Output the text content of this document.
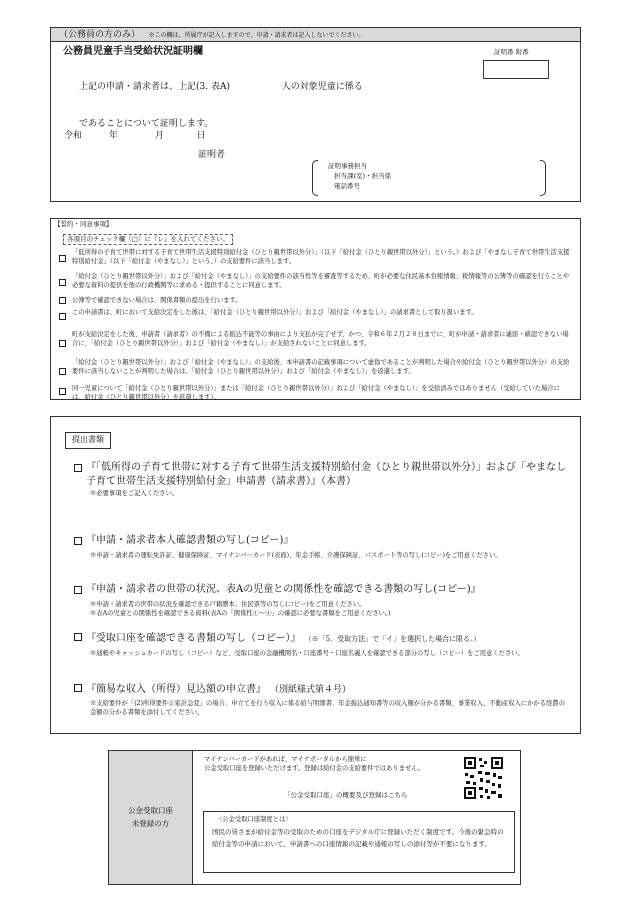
（公務員の方のみ） ※この欄は、所属庁が記入しますので、申請・請求者は記入しないでください。
公務員児童手当受給状況証明欄	証明番 附番
上記の申請・請求者は、上記(3. 表A)	人の対象児童に係る
であることについて証明します。
令和	年	月	日
証明者
証明事務担当
担当課(室)・担当係
電話番号
【誓約・同意事項】
各項目のチェック欄（□）に『レ』を入れてください。
「低所得の子育て世帯に対する子育て世帯生活支援特別給付金（ひとり親世帯以外分）」（以下「給付金（ひとり親世帯以外分）」という。）および「やまなし子育て世帯生活支援特別給付金」（以下「給付金（やまなし）」という。）の支給要件に該当します。
「給付金（ひとり親世帯以外分）」および「給付金（やまなし）」の支給要件の該当性等を審査等するため、町が必要な住民基本台帳情報、税情報等の公簿等の確認を行うことや必要な資料の提供を他の行政機関等に求める・提供することに同意します。
公簿等で確認できない場合は、関係書類の提出を行います。
この申請書は、町において支給決定をした後は、「給付金（ひとり親世帯以外分）」および「給付金（やまなし）」の請求書として取り扱います。
町が支給決定をした後、申請者（請求者）の不備による振込不能等の事由により支払が完了せず、かつ、令和６年２月２８日までに、町が申請・請求者に連絡・確認できない場合に、「給付金（ひとり親世帯以外分）」および「給付金（やまなし）」が支給されないことに同意します。
「給付金（ひとり親世帯以外分）」および「給付金（やまなし）」の支給後、本申請書の記載事項について虚偽であることが判明した場合や給付金（ひとり親世帯以外分）の支給要件に該当しないことが判明した場合は、「給付金（ひとり親世帯以外分）」および「給付金（やまなし）」を返還します。
同一児童について「給付金（ひとり親世帯以外分）」または「給付金（ひとり親世帯以外分）」および「給付金（やまなし）」を受給済みではありません（受給していた場合には、給付金（ひとり親世帯以外分）を返還します）。
提出書類
『「低所得の子育て世帯に対する子育て世帯生活支援特別給付金（ひとり親世帯以外分）」および「やまなし子育て世帯生活支援特別給付金」申請書（請求書）』（本書）
※必要事項をご記入ください。
『申請・請求者本人確認書類の写し(コピー)』
※申請・請求者の運転免許証、健康保険証、マイナンバーカード(表面)、年金手帳、介護保険証、パスポート等の写し(コピー)をご用意ください。
『申請・請求者の世帯の状況、表Aの児童との関係性を確認できる書類の写し(コピー)』
※申請・請求者の世帯の状況を確認できる戸籍謄本、住民票等の写し(コピー)をご用意ください。
※表Aの児童との関係性を確認できる資料(表Aの「関係性①～④」の確認に必要な書類をご用意ください。)
『受取口座を確認できる書類の写し（コピー）』 （※「5．受取方法」で「イ」を選択した場合に限る。）
※通帳やキャッシュカードの写し（コピー）など、受取口座の金融機関名・口座番号・口座名義人を確認できる部分の写し（コピー）をご用意ください。
『簡易な収入（所得）見込額の申立書』 （別紙様式第４号）
※支給要件が「(2)所得要件②家計急変」の場合、申立てを行う収入に係る給与明細書、年金振込通知書等の収入額が分かる書類、事業収入、不動産収入にかかる経費の金額の分かる書類を添付してください。
公金受取口座
未登録の方
マイナンバーカードがあれば、マイナポータルから簡単に
公金受取口座を登録いただけます。登録は給付金の支給要件ではありません。
「公金受取口座」の概要及び登録はこちら
〈公金受取口座制度とは〉
国民の皆さまが給付金等の受取のための口座をデジタル庁に登録いただく制度です。今後の緊急時の給付金等の申請において、申請書への口座情報の記載や通帳の写しの添付等が不要になります。
